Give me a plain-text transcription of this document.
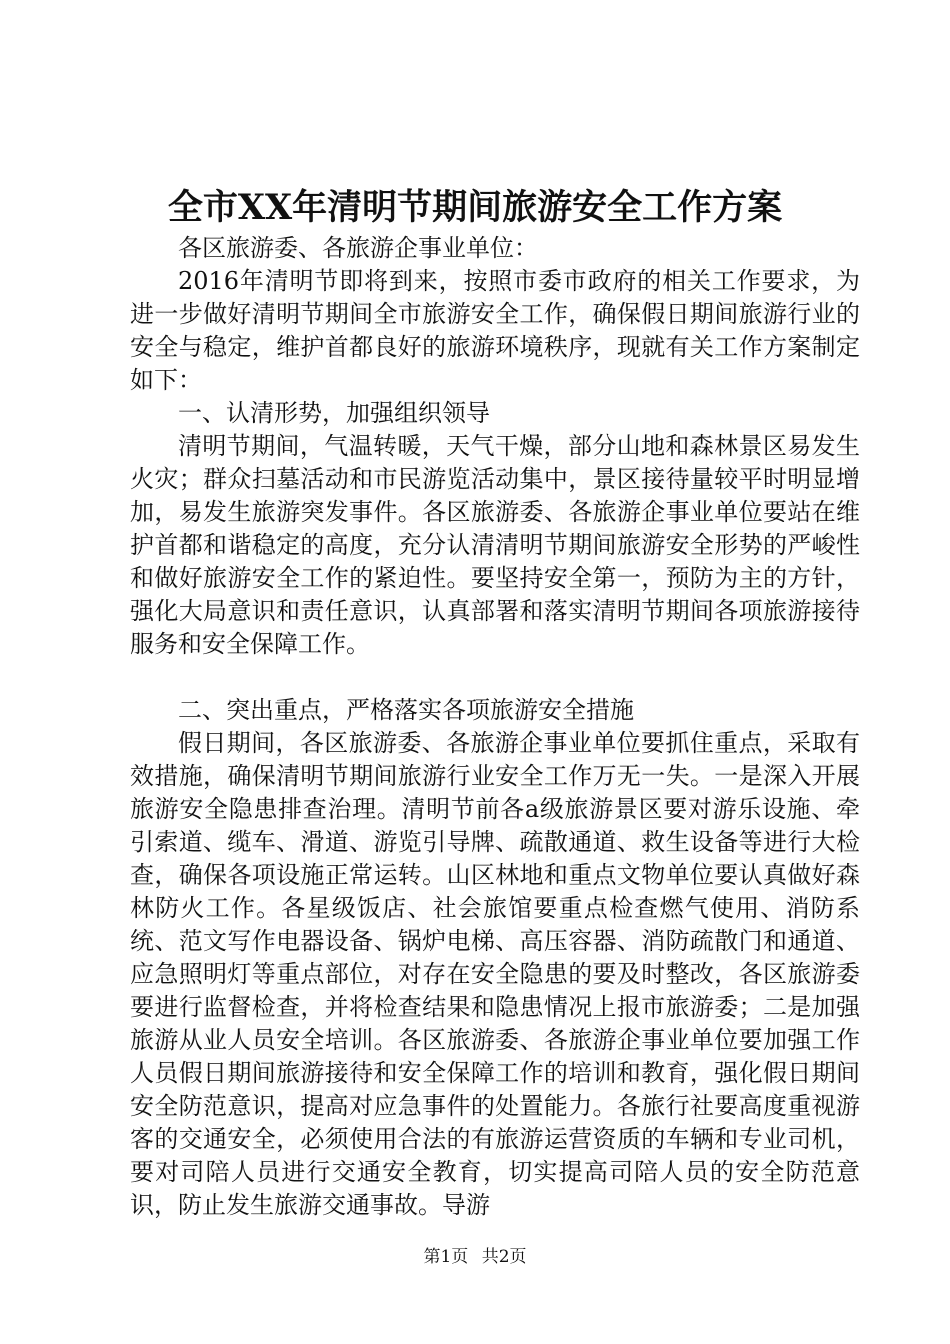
全市XX年清明节期间旅游安全工作方案

各区旅游委、各旅游企事业单位：

2016年清明节即将到来，按照市委市政府的相关工作要求，为进一步做好清明节期间全市旅游安全工作，确保假日期间旅游行业的安全与稳定，维护首都良好的旅游环境秩序，现就有关工作方案制定如下：

一、认清形势，加强组织领导

清明节期间，气温转暖，天气干燥，部分山地和森林景区易发生火灾；群众扫墓活动和市民游览活动集中，景区接待量较平时明显增加，易发生旅游突发事件。各区旅游委、各旅游企事业单位要站在维护首都和谐稳定的高度，充分认清清明节期间旅游安全形势的严峻性和做好旅游安全工作的紧迫性。要坚持安全第一，预防为主的方针，强化大局意识和责任意识，认真部署和落实清明节期间各项旅游接待服务和安全保障工作。

二、突出重点，严格落实各项旅游安全措施

假日期间，各区旅游委、各旅游企事业单位要抓住重点，采取有效措施，确保清明节期间旅游行业安全工作万无一失。一是深入开展旅游安全隐患排查治理。清明节前各a级旅游景区要对游乐设施、牵引索道、缆车、滑道、游览引导牌、疏散通道、救生设备等进行大检查，确保各项设施正常运转。山区林地和重点文物单位要认真做好森林防火工作。各星级饭店、社会旅馆要重点检查燃气使用、消防系统、范文写作电器设备、锅炉电梯、高压容器、消防疏散门和通道、应急照明灯等重点部位，对存在安全隐患的要及时整改，各区旅游委要进行监督检查，并将检查结果和隐患情况上报市旅游委；二是加强旅游从业人员安全培训。各区旅游委、各旅游企事业单位要加强工作人员假日期间旅游接待和安全保障工作的培训和教育，强化假日期间安全防范意识，提高对应急事件的处置能力。各旅行社要高度重视游客的交通安全，必须使用合法的有旅游运营资质的车辆和专业司机，要对司陪人员进行交通安全教育，切实提高司陪人员的安全防范意识，防止发生旅游交通事故。导游

第1页 共2页
